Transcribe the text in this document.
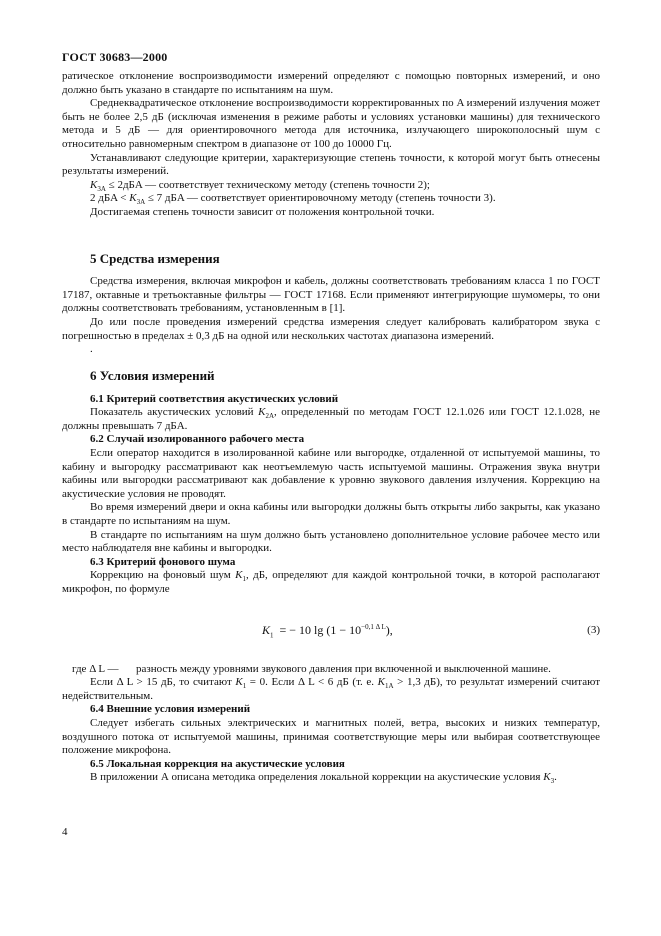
ГОСТ 30683—2000

ратическое отклонение воспроизводимости измерений определяют с помощью повторных измерений, и оно должно быть указано в стандарте по испытаниям на шум.

Среднеквадратическое отклонение воспроизводимости корректированных по A измерений излучения может быть не более 2,5 дБ (исключая изменения в режиме работы и условиях установки машины) для технического метода и 5 дБ — для ориентировочного метода для источника, излучающего широкополосный шум с относительно равномерным спектром в диапазоне от 100 до 10000 Гц.

Устанавливают следующие критерии, характеризующие степень точности, к которой могут быть отнесены результаты измерений.

$K_{3A} \le 2дБA$ — соответствует техническому методу (степень точности 2);
2 дБA < $K_{3A} \le 7$ дБA — соответствует ориентировочному методу (степень точности 3).

Достигаемая степень точности зависит от положения контрольной точки.

5 Средства измерения

Средства измерения, включая микрофон и кабель, должны соответствовать требованиям класса 1 по ГОСТ 17187, октавные и третьоктавные фильтры — ГОСТ 17168. Если применяют интегрирующие шумомеры, то они должны соответствовать требованиям, установленным в [1].

До или после проведения измерений средства измерения следует калибровать калибратором звука с погрешностью в пределах ± 0,3 дБ на одной или нескольких частотах диапазона измерений.

.
6 Условия измерений
6.1 Критерий соответствия акустических условий

Показатель акустических условий $K_{2A}$, определенный по методам ГОСТ 12.1.026 или ГОСТ 12.1.028, не должны превышать 7 дБA.

6.2 Случай изолированного рабочего места

Если оператор находится в изолированной кабине или выгородке, отдаленной от испытуемой машины, то кабину и выгородку рассматривают как неотъемлемую часть испытуемой машины. Отражения звука внутри кабины или выгородки рассматривают как добавление к уровню звукового давления излучения. Коррекцию на акустические условия не проводят.

Во время измерений двери и окна кабины или выгородки должны быть открыты либо закрыты, как указано в стандарте по испытаниям на шум.

В стандарте по испытаниям на шум должно быть установлено дополнительное условие рабочее место или место наблюдателя вне кабины и выгородки.

6.3 Критерий фонового шума

Коррекцию на фоновый шум $K_1$, дБ, определяют для каждой контрольной точки, в которой располагают микрофон, по формуле

$K_1$ = − 10 $\lg (1 - 10^{-0,1 \Delta L})$,	(3)
где Δ L —	разность между уровнями звукового давления при включенной и выключенной машине.

Если Δ L > 15 дБ, то считают $K_1 = 0$. Если Δ L < 6 дБ (т. е. $K_{1A} > 1,3$ дБ), то результат измерений считают недействительным.

6.4 Внешние условия измерений

Следует избегать сильных электрических и магнитных полей, ветра, высоких и низких температур, воздушного потока от испытуемой машины, принимая соответствующие меры или выбирая соответствующее положение микрофона.

6.5 Локальная коррекция на акустические условия

В приложении А описана методика определения локальной коррекции на акустические условия $K_3$.

4
